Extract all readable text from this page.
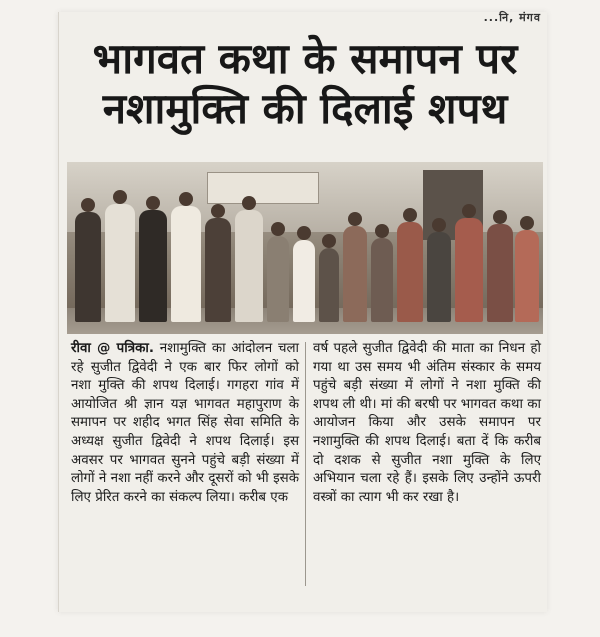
...नि, मंगव
भागवत कथा के समापन पर
नशामुक्ति की दिलाई शपथ

रीवा @ पत्रिका. नशामुक्ति का आंदोलन चला रहे सुजीत द्विवेदी ने एक बार फिर लोगों को नशा मुक्ति की शपथ दिलाई। गगहरा गांव में आयोजित श्री ज्ञान यज्ञ भागवत महापुराण के समापन पर शहीद भगत सिंह सेवा समिति के अध्यक्ष सुजीत द्विवेदी ने शपथ दिलाई। इस अवसर पर भागवत सुनने पहुंचे बड़ी संख्या में लोगों ने नशा नहीं करने और दूसरों को भी इसके लिए प्रेरित करने का संकल्प लिया। करीब एक

वर्ष पहले सुजीत द्विवेदी की माता का निधन हो गया था उस समय भी अंतिम संस्कार के समय पहुंचे बड़ी संख्या में लोगों ने नशा मुक्ति की शपथ ली थी। मां की बरषी पर भागवत कथा का आयोजन किया और उसके समापन पर नशामुक्ति की शपथ दिलाई। बता दें कि करीब दो दशक से सुजीत नशा मुक्ति के लिए अभियान चला रहे हैं। इसके लिए उन्होंने ऊपरी वस्त्रों का त्याग भी कर रखा है।
